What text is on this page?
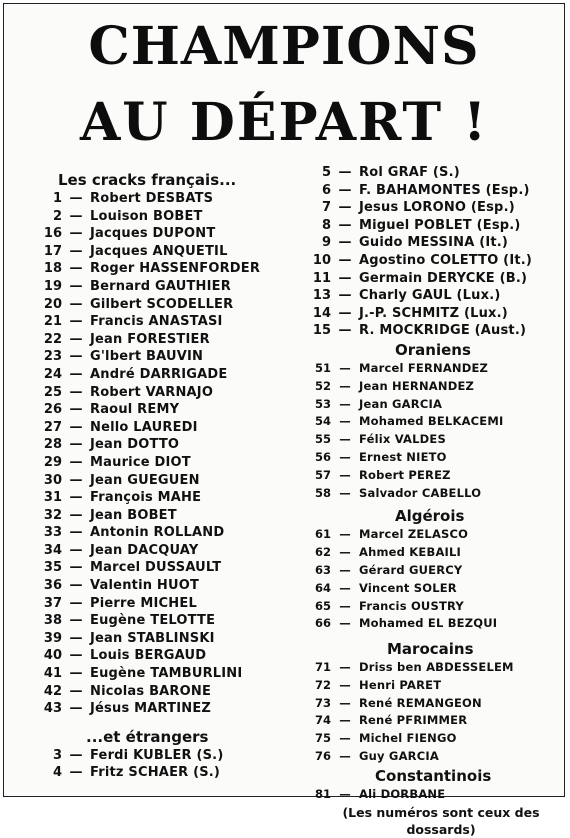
CHAMPIONS
AU DÉPART !
Les cracks français...
1 — Robert DESBATS
2 — Louison BOBET
16 — Jacques DUPONT
17 — Jacques ANQUETIL
18 — Roger HASSENFORDER
19 — Bernard GAUTHIER
20 — Gilbert SCODELLER
21 — Francis ANASTASI
22 — Jean FORESTIER
23 — G'lbert BAUVIN
24 — André DARRIGADE
25 — Robert VARNAJO
26 — Raoul REMY
27 — Nello LAUREDI
28 — Jean DOTTO
29 — Maurice DIOT
30 — Jean GUEGUEN
31 — François MAHE
32 — Jean BOBET
33 — Antonin ROLLAND
34 — Jean DACQUAY
35 — Marcel DUSSAULT
36 — Valentin HUOT
37 — Pierre MICHEL
38 — Eugène TELOTTE
39 — Jean STABLINSKI
40 — Louis BERGAUD
41 — Eugène TAMBURLINI
42 — Nicolas BARONE
43 — Jésus MARTINEZ
...et étrangers
3 — Ferdi KUBLER (S.)
4 — Fritz SCHAER (S.)
5 — Rol GRAF (S.)
6 — F. BAHAMONTES (Esp.)
7 — Jesus LORONO (Esp.)
8 — Miguel POBLET (Esp.)
9 — Guido MESSINA (It.)
10 — Agostino COLETTO (It.)
11 — Germain DERYCKE (B.)
13 — Charly GAUL (Lux.)
14 — J.-P. SCHMITZ (Lux.)
15 — R. MOCKRIDGE (Aust.)
Oraniens
51 — Marcel FERNANDEZ
52 — Jean HERNANDEZ
53 — Jean GARCIA
54 — Mohamed BELKACEMI
55 — Félix VALDES
56 — Ernest NIETO
57 — Robert PEREZ
58 — Salvador CABELLO
Algérois
61 — Marcel ZELASCO
62 — Ahmed KEBAILI
63 — Gérard GUERCY
64 — Vincent SOLER
65 — Francis OUSTRY
66 — Mohamed EL BEZQUI
Marocains
71 — Driss ben ABDESSELEM
72 — Henri PARET
73 — René REMANGEON
74 — René PFRIMMER
75 — Michel FIENGO
76 — Guy GARCIA
Constantinois
81 — Ali DORBANE
(Les numéros sont ceux des
dossards)
